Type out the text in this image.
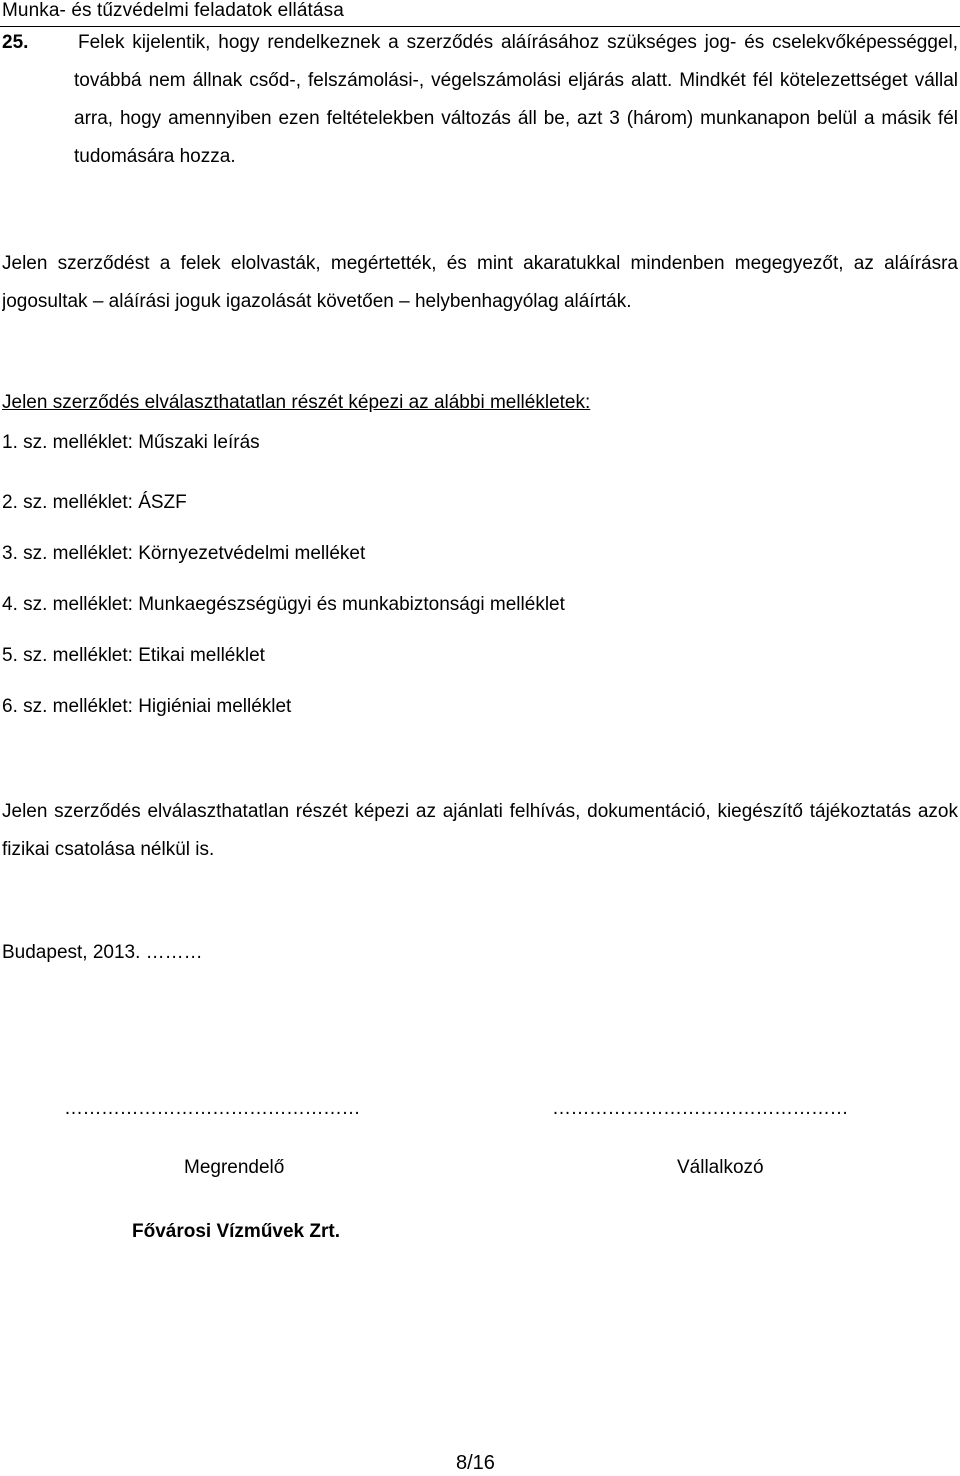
Munka- és tűzvédelmi feladatok ellátása
25.	Felek kijelentik, hogy rendelkeznek a szerződés aláírásához szükséges jog- és cselekvőképességgel,
továbbá nem állnak csőd-, felszámolási-, végelszámolási eljárás alatt. Mindkét fél kötelezettséget vállal
arra, hogy amennyiben ezen feltételekben változás áll be, azt 3 (három) munkanapon belül a másik fél
tudomására hozza.
Jelen szerződést a felek elolvasták, megértették, és mint akaratukkal mindenben megegyezőt, az aláírásra
jogosultak – aláírási joguk igazolását követően – helybenhagyólag aláírták.
Jelen szerződés elválaszthatatlan részét képezi az alábbi mellékletek:
1. sz. melléklet: Műszaki leírás
2. sz. melléklet: ÁSZF
3. sz. melléklet: Környezetvédelmi melléket
4. sz. melléklet: Munkaegészségügyi és munkabiztonsági melléklet
5. sz. melléklet: Etikai melléklet
6. sz. melléklet: Higiéniai melléklet
Jelen szerződés elválaszthatatlan részét képezi az ajánlati felhívás, dokumentáció, kiegészítő tájékoztatás azok
fizikai csatolása nélkül is.
Budapest, 2013. ………
…………………………………………	…………………………………………
Megrendelő	Vállalkozó
Fővárosi Vízművek Zrt.
8/16
